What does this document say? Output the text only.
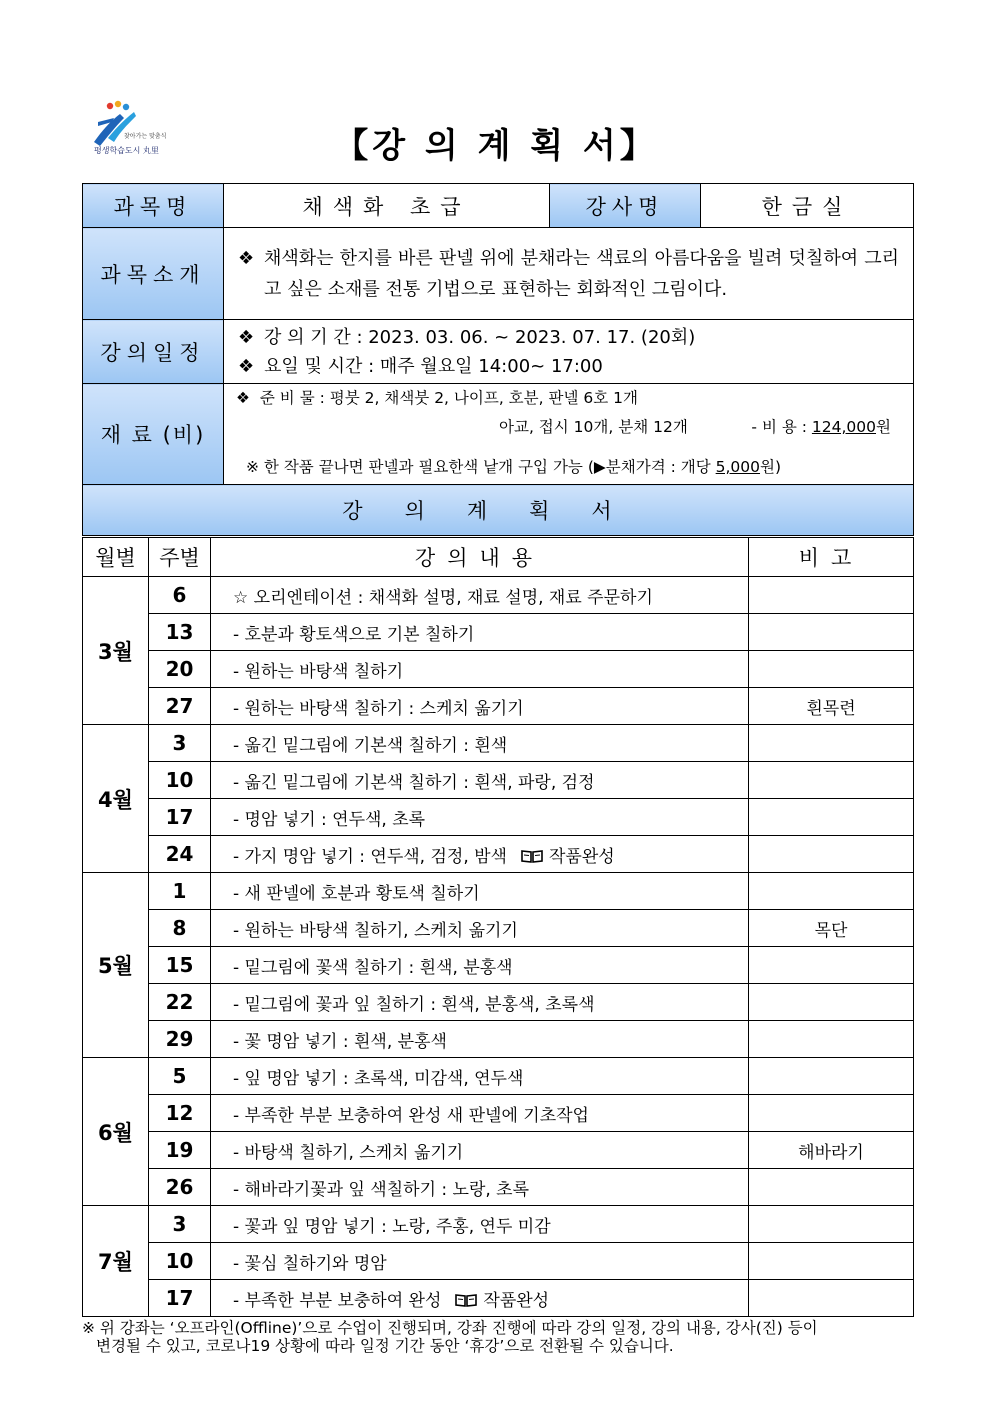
찾아가는 맞춤식
평생학습도시 丸里	【강 의 계 획 서】
과목명	채색화 초급	강사명	한금실
과목소개	❖ 채색화는 한지를 바른 판넬 위에 분채라는 색료의 아름다움을 빌려 덧칠하여 그리고 싶은 소재를 전통 기법으로 표현하는 회화적인 그림이다.		

강의일정	❖ 강 의 기 간 : 2023. 03. 06. ~ 2023. 07. 17. (20회)
❖ 요일 및 시간 : 매주 월요일 14:00~ 17:00		

재 료 (비)	❖ 준 비 물 : 평붓 2, 채색붓 2, 나이프, 호분, 판넬 6호 1개
아교, 접시 10개, 분채 12개 - 비 용 : 124,000원
※ 한 작품 끝나면 판넬과 필요한색 낱개 구입 가능 (▶분채가격 : 개당 5,000원)		

강의계획서			
월별	주별	강의내용	비고
3월	6	☆ 오리엔테이션 : 채색화 설명, 재료 설명, 재료 주문하기	
	13	- 호분과 황토색으로 기본 칠하기	
	20	- 원하는 바탕색 칠하기	
	27	- 원하는 바탕색 칠하기 : 스케치 옮기기	흰목련
4월	3	- 옮긴 밑그림에 기본색 칠하기 : 흰색	
	10	- 옮긴 밑그림에 기본색 칠하기 : 흰색, 파랑, 검정	
	17	- 명암 넣기 : 연두색, 초록	
	24	- 가지 명암 넣기 : 연두색, 검정, 밤색 작품완성	
5월	1	- 새 판넬에 호분과 황토색 칠하기	
	8	- 원하는 바탕색 칠하기, 스케치 옮기기	목단
	15	- 밑그림에 꽃색 칠하기 : 흰색, 분홍색	
	22	- 밑그림에 꽃과 잎 칠하기 : 흰색, 분홍색, 초록색	
	29	- 꽃 명암 넣기 : 흰색, 분홍색	
6월	5	- 잎 명암 넣기 : 초록색, 미감색, 연두색	
	12	- 부족한 부분 보충하여 완성 새 판넬에 기초작업	
	19	- 바탕색 칠하기, 스케치 옮기기	해바라기
	26	- 해바라기꽃과 잎 색칠하기 : 노랑, 초록	
7월	3	- 꽃과 잎 명암 넣기 : 노랑, 주홍, 연두 미감	
	10	- 꽃심 칠하기와 명암	
	17	- 부족한 부분 보충하여 완성 작품완성	
※ 위 강좌는 ‘오프라인(Offline)’으로 수업이 진행되며, 강좌 진행에 따라 강의 일정, 강의 내용, 강사(진) 등이
변경될 수 있고, 코로나19 상황에 따라 일정 기간 동안 ‘휴강’으로 전환될 수 있습니다.
